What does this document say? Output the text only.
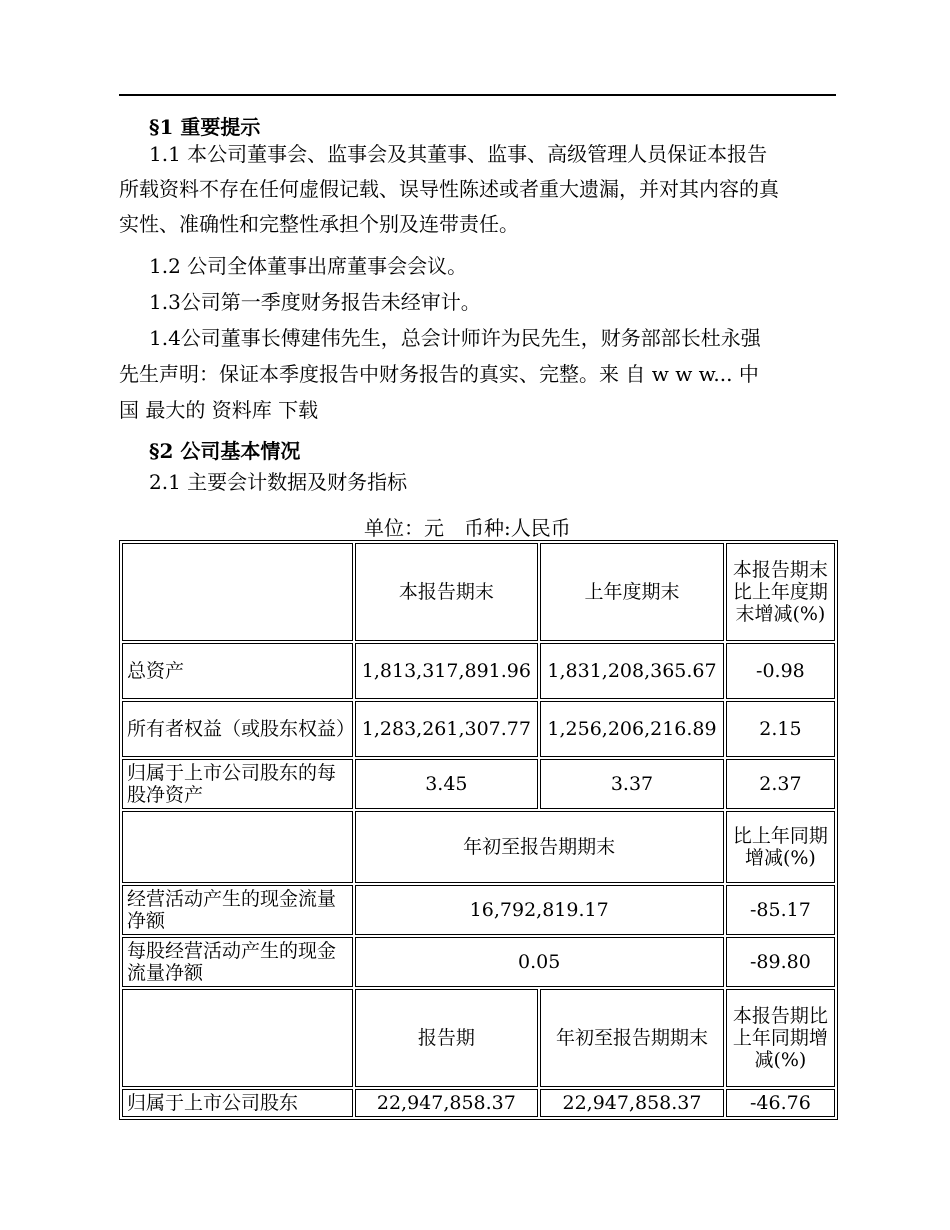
§1 重要提示
1.1 本公司董事会、监事会及其董事、监事、高级管理人员保证本报告
所载资料不存在任何虚假记载、误导性陈述或者重大遗漏，并对其内容的真
实性、准确性和完整性承担个别及连带责任。
1.2 公司全体董事出席董事会会议。
1.3公司第一季度财务报告未经审计。
1.4公司董事长傅建伟先生，总会计师许为民先生，财务部部长杜永强
先生声明：保证本季度报告中财务报告的真实、完整。来 自 w w w... 中
国 最大的 资料库 下载
§2 公司基本情况
2.1 主要会计数据及财务指标
单位：元　币种:人民币
	本报告期末	上年度期末	本报告期末比上年度期末增减(%)
总资产	1,813,317,891.96	1,831,208,365.67	-0.98
所有者权益（或股东权益）	1,283,261,307.77	1,256,206,216.89	2.15
归属于上市公司股东的每股净资产	3.45	3.37	2.37
	年初至报告期期末		比上年同期增减(%)
经营活动产生的现金流量净额	16,792,819.17		-85.17
每股经营活动产生的现金流量净额	0.05		-89.80
	报告期	年初至报告期期末	本报告期比上年同期增减(%)
归属于上市公司股东	22,947,858.37	22,947,858.37	-46.76
